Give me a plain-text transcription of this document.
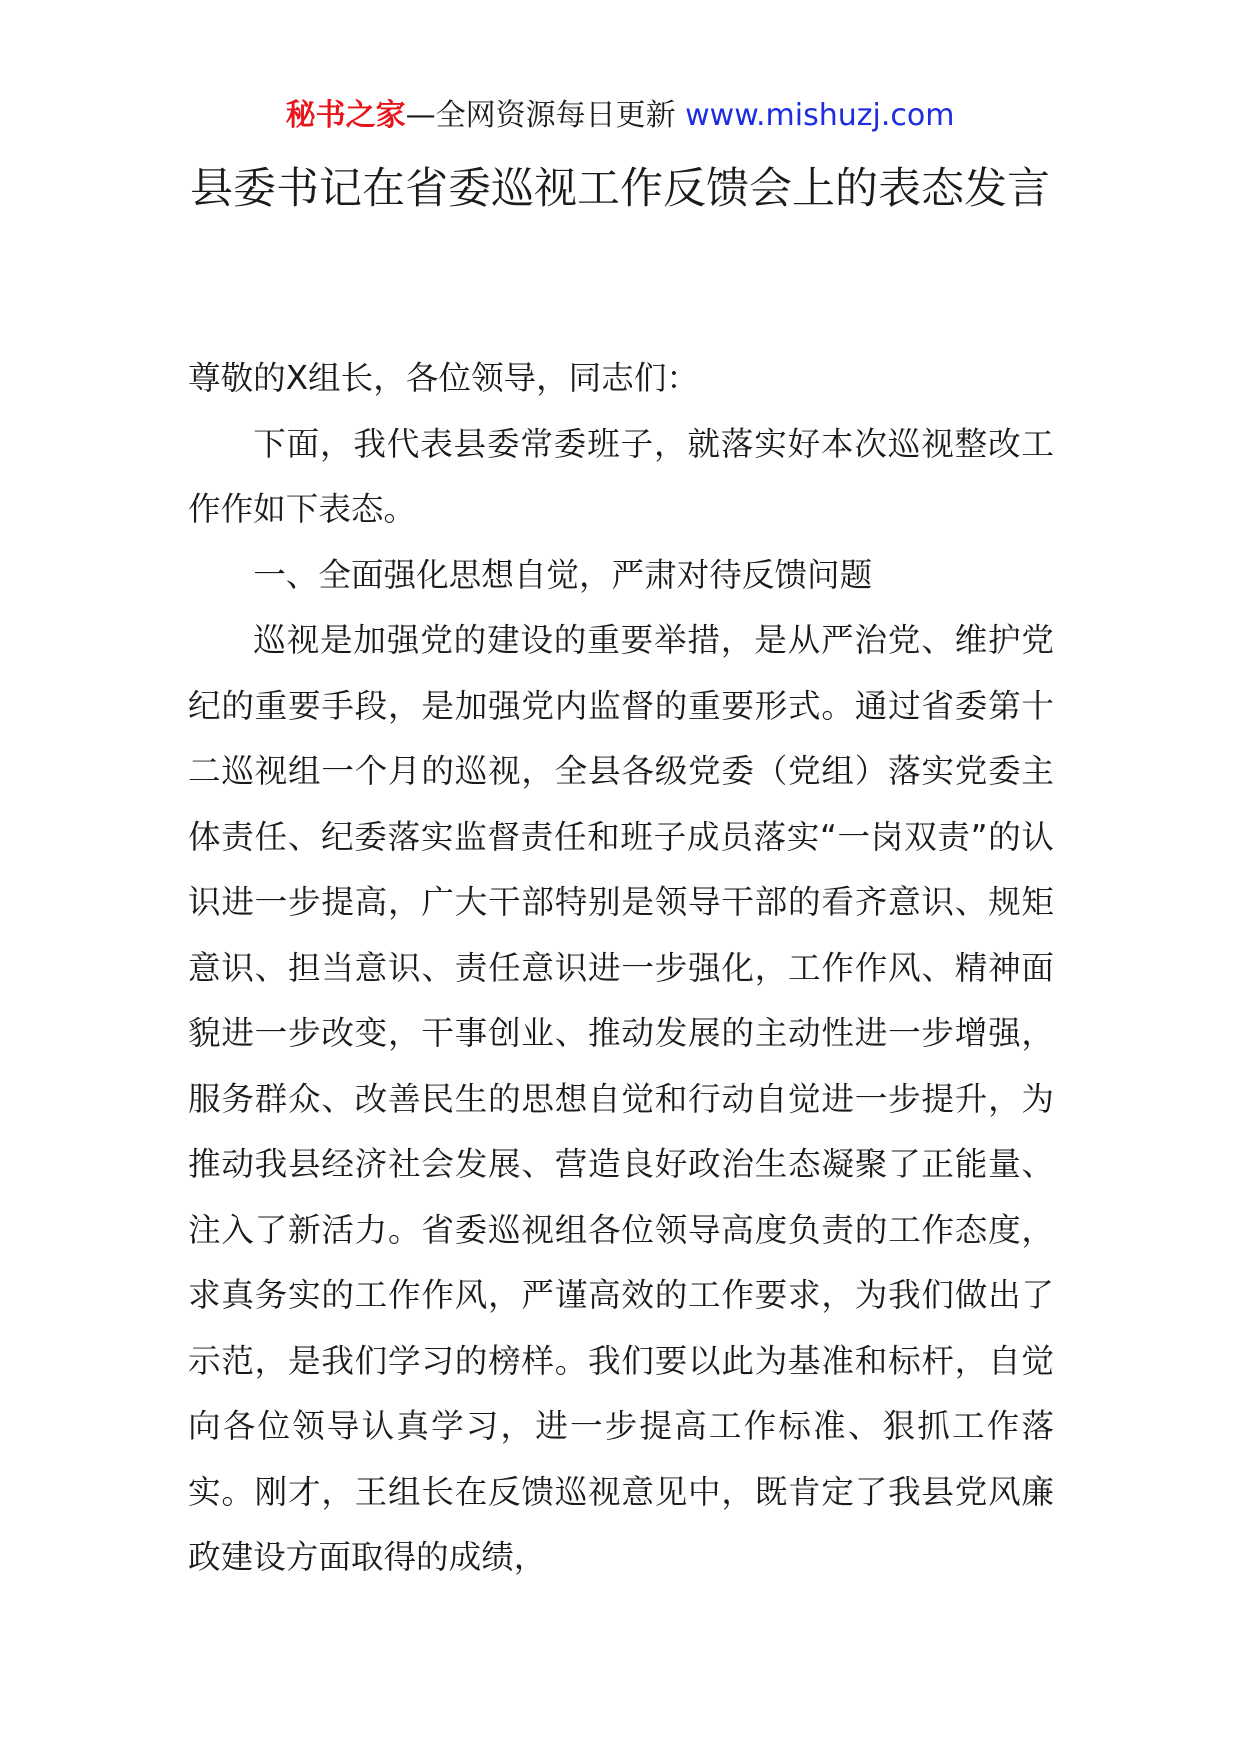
秘书之家—全网资源每日更新 www.mishuzj.com
县委书记在省委巡视工作反馈会上的表态发言

尊敬的X组长，各位领导，同志们：

下面，我代表县委常委班子，就落实好本次巡视整改工作作如下表态。

一、全面强化思想自觉，严肃对待反馈问题

巡视是加强党的建设的重要举措，是从严治党、维护党纪的重要手段，是加强党内监督的重要形式。通过省委第十二巡视组一个月的巡视，全县各级党委（党组）落实党委主体责任、纪委落实监督责任和班子成员落实“一岗双责”的认识进一步提高，广大干部特别是领导干部的看齐意识、规矩意识、担当意识、责任意识进一步强化，工作作风、精神面貌进一步改变，干事创业、推动发展的主动性进一步增强，服务群众、改善民生的思想自觉和行动自觉进一步提升，为推动我县经济社会发展、营造良好政治生态凝聚了正能量、注入了新活力。省委巡视组各位领导高度负责的工作态度，求真务实的工作作风，严谨高效的工作要求，为我们做出了示范，是我们学习的榜样。我们要以此为基准和标杆，自觉向各位领导认真学习，进一步提高工作标准、狠抓工作落实。刚才，王组长在反馈巡视意见中，既肯定了我县党风廉政建设方面取得的成绩，
